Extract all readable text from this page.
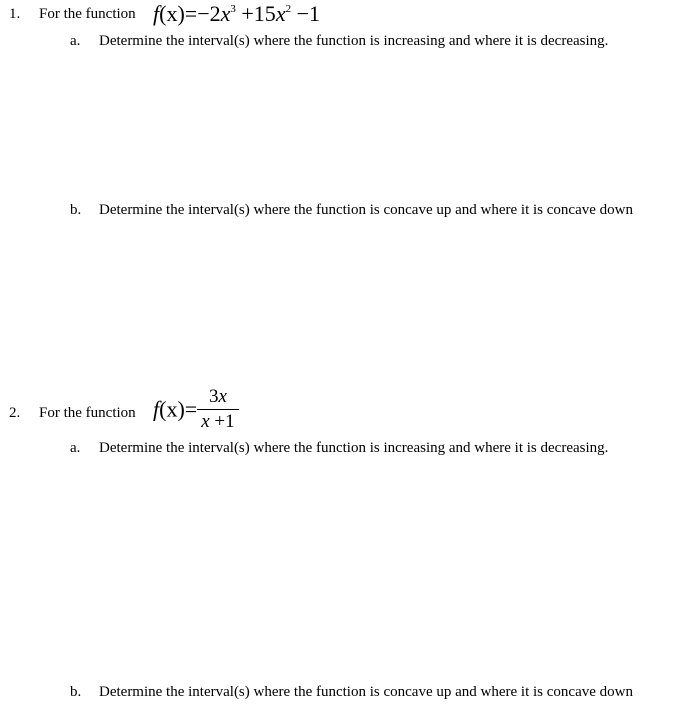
1. For the function $f(x)=-2x^3 +15x^2 -1$
a. Determine the interval(s) where the function is increasing and where it is decreasing.
b. Determine the interval(s) where the function is concave up and where it is concave down
2. For the function $f(x)= \frac{3x}{x +1}$
a. Determine the interval(s) where the function is increasing and where it is decreasing.
b. Determine the interval(s) where the function is concave up and where it is concave down
